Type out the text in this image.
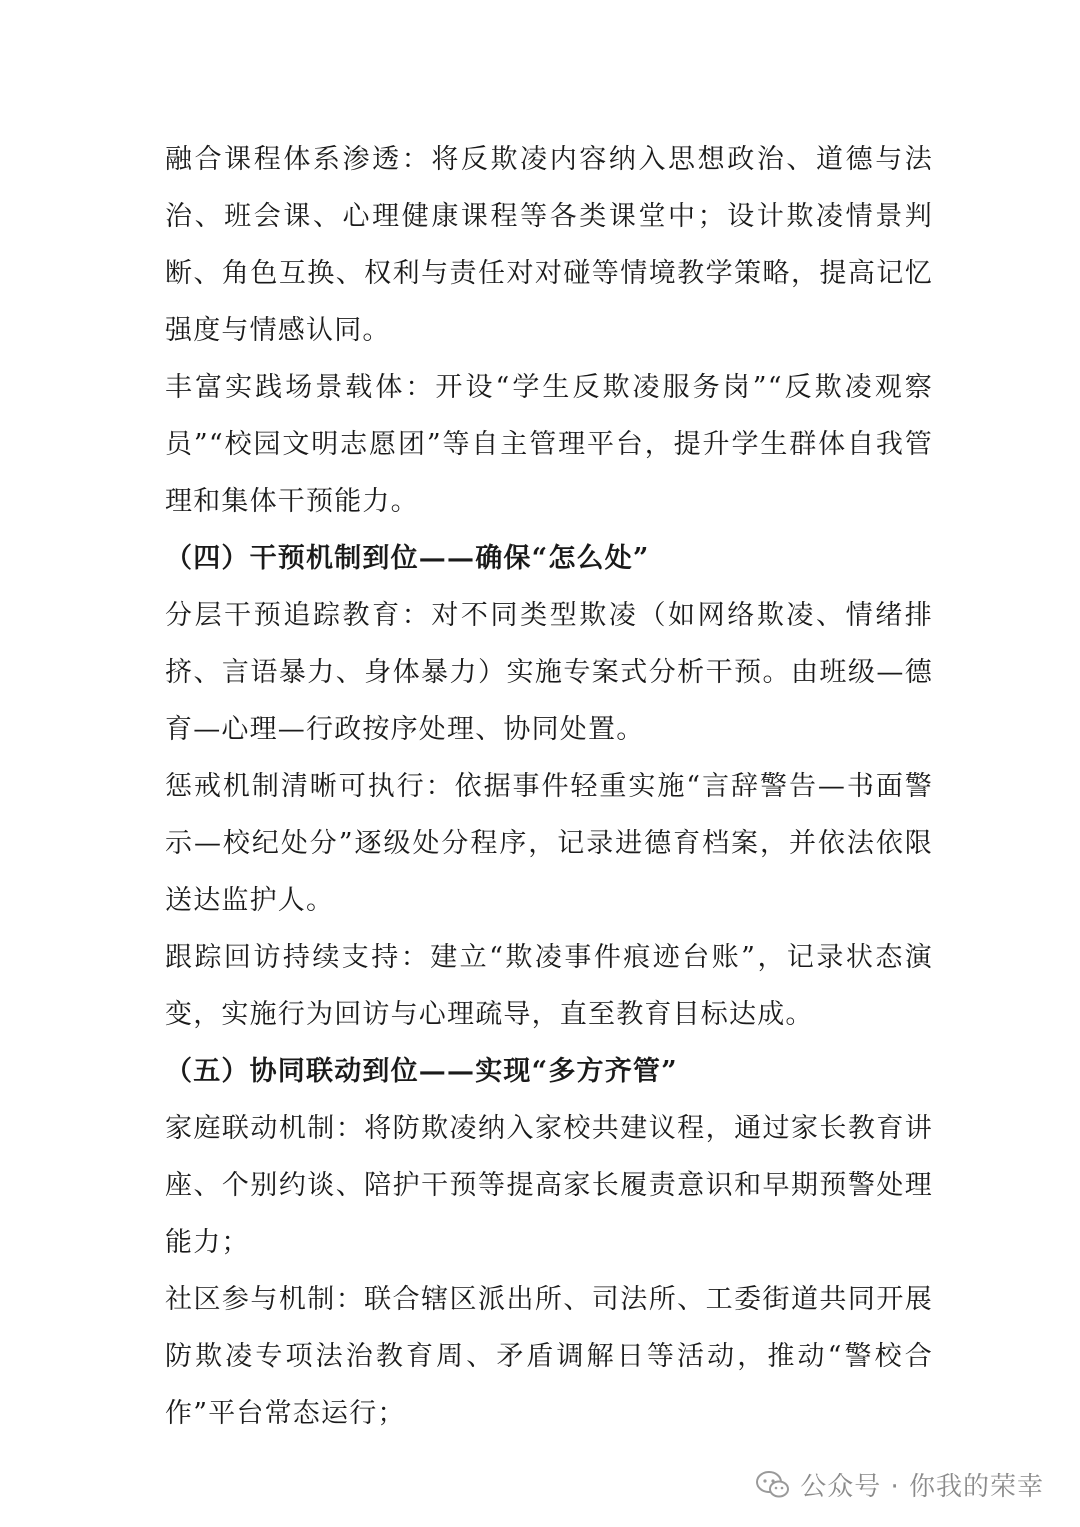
融合课程体系渗透：将反欺凌内容纳入思想政治、道德与法治、班会课、心理健康课程等各类课堂中；设计欺凌情景判断、角色互换、权利与责任对对碰等情境教学策略，提高记忆强度与情感认同。

丰富实践场景载体：开设“学生反欺凌服务岗”“反欺凌观察员”“校园文明志愿团”等自主管理平台，提升学生群体自我管理和集体干预能力。

（四）干预机制到位——确保“怎么处”

分层干预追踪教育：对不同类型欺凌（如网络欺凌、情绪排挤、言语暴力、身体暴力）实施专案式分析干预。由班级—德育—心理—行政按序处理、协同处置。

惩戒机制清晰可执行：依据事件轻重实施“言辞警告—书面警示—校纪处分”逐级处分程序，记录进德育档案，并依法依限送达监护人。

跟踪回访持续支持：建立“欺凌事件痕迹台账”，记录状态演变，实施行为回访与心理疏导，直至教育目标达成。

（五）协同联动到位——实现“多方齐管”

家庭联动机制：将防欺凌纳入家校共建议程，通过家长教育讲座、个别约谈、陪护干预等提高家长履责意识和早期预警处理能力；

社区参与机制：联合辖区派出所、司法所、工委街道共同开展防欺凌专项法治教育周、矛盾调解日等活动，推动“警校合作”平台常态运行；

公众号 · 你我的荣幸
